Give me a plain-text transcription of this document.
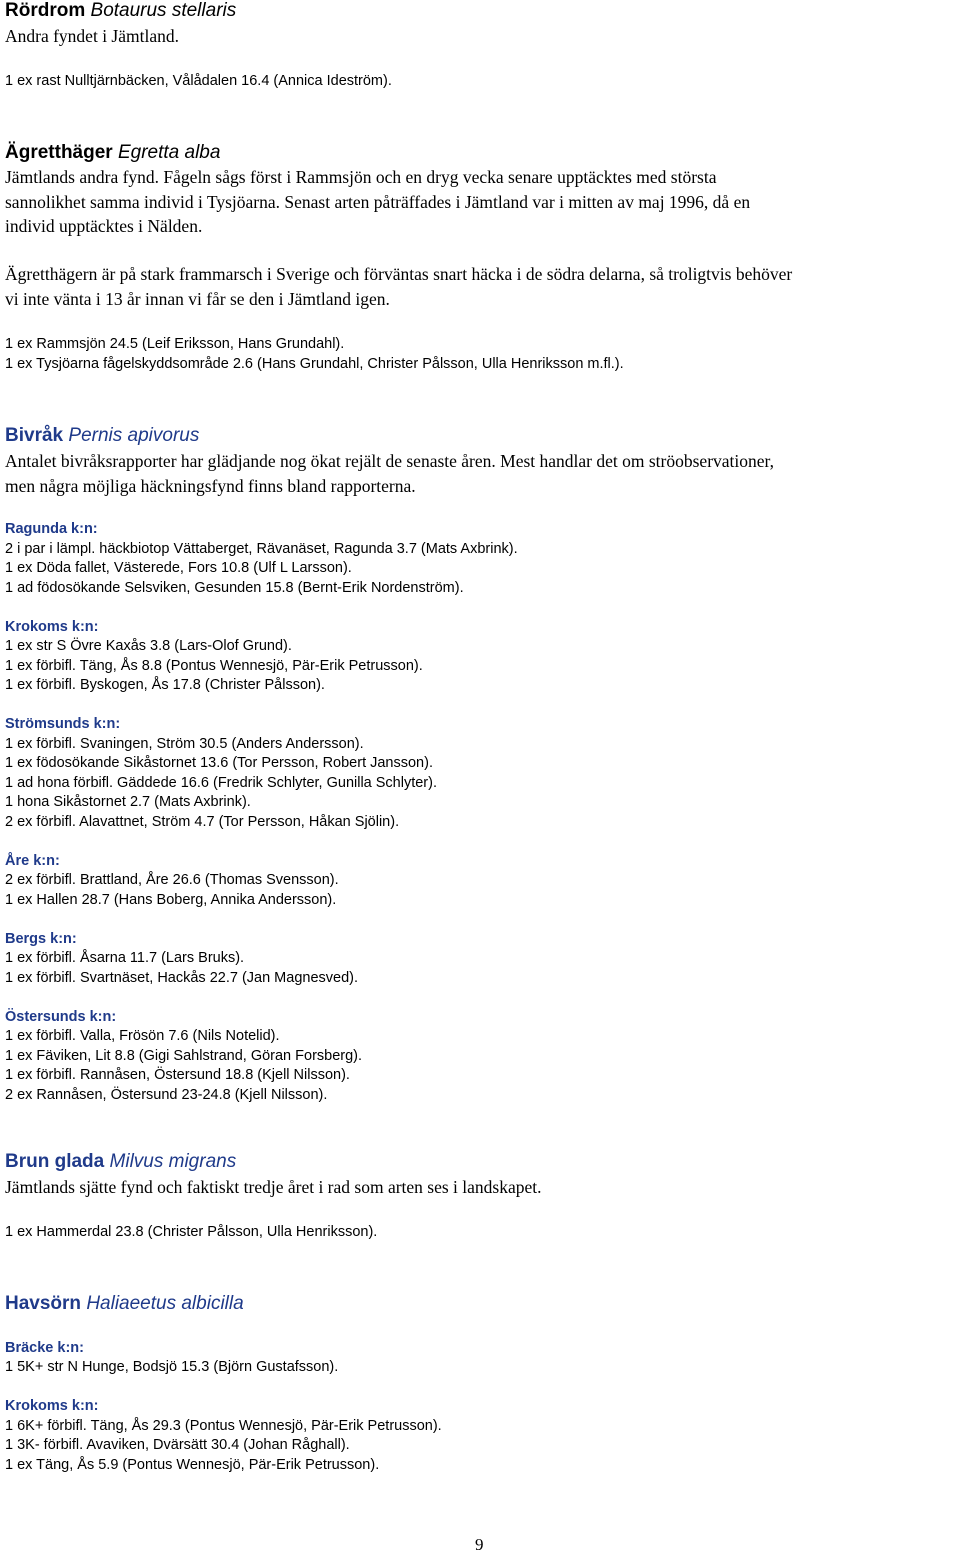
Rördrom Botaurus stellaris
Andra fyndet i Jämtland.
1 ex rast Nulltjärnbäcken, Vålådalen 16.4 (Annica Ideström).
Ägretthäger Egretta alba
Jämtlands andra fynd. Fågeln sågs först i Rammsjön och en dryg vecka senare upptäcktes med största
sannolikhet samma individ i Tysjöarna. Senast arten påträffades i Jämtland var i mitten av maj 1996, då en
individ upptäcktes i Nälden.
Ägretthägern är på stark frammarsch i Sverige och förväntas snart häcka i de södra delarna, så troligtvis behöver
vi inte vänta i 13 år innan vi får se den i Jämtland igen.
1 ex Rammsjön 24.5 (Leif Eriksson, Hans Grundahl).
1 ex Tysjöarna fågelskyddsområde 2.6 (Hans Grundahl, Christer Pålsson, Ulla Henriksson m.fl.).
Bivråk Pernis apivorus
Antalet bivråksrapporter har glädjande nog ökat rejält de senaste åren. Mest handlar det om ströobservationer,
men några möjliga häckningsfynd finns bland rapporterna.
Ragunda k:n:
2 i par i lämpl. häckbiotop Vättaberget, Rävanäset, Ragunda 3.7 (Mats Axbrink).
1 ex Döda fallet, Västerede, Fors 10.8 (Ulf L Larsson).
1 ad födosökande Selsviken, Gesunden 15.8 (Bernt-Erik Nordenström).
Krokoms k:n:
1 ex str S Övre Kaxås 3.8 (Lars-Olof Grund).
1 ex förbifl. Täng, Ås 8.8 (Pontus Wennesjö, Pär-Erik Petrusson).
1 ex förbifl. Byskogen, Ås 17.8 (Christer Pålsson).
Strömsunds k:n:
1 ex förbifl. Svaningen, Ström 30.5 (Anders Andersson).
1 ex födosökande Sikåstornet 13.6 (Tor Persson, Robert Jansson).
1 ad hona förbifl. Gäddede 16.6 (Fredrik Schlyter, Gunilla Schlyter).
1 hona Sikåstornet 2.7 (Mats Axbrink).
2 ex förbifl. Alavattnet, Ström 4.7 (Tor Persson, Håkan Sjölin).
Åre k:n:
2 ex förbifl. Brattland, Åre 26.6 (Thomas Svensson).
1 ex Hallen 28.7 (Hans Boberg, Annika Andersson).
Bergs k:n:
1 ex förbifl. Åsarna 11.7 (Lars Bruks).
1 ex förbifl. Svartnäset, Hackås 22.7 (Jan Magnesved).
Östersunds k:n:
1 ex förbifl. Valla, Frösön 7.6 (Nils Notelid).
1 ex Fäviken, Lit 8.8 (Gigi Sahlstrand, Göran Forsberg).
1 ex förbifl. Rannåsen, Östersund 18.8 (Kjell Nilsson).
2 ex Rannåsen, Östersund 23-24.8 (Kjell Nilsson).
Brun glada Milvus migrans
Jämtlands sjätte fynd och faktiskt tredje året i rad som arten ses i landskapet.
1 ex Hammerdal 23.8 (Christer Pålsson, Ulla Henriksson).
Havsörn Haliaeetus albicilla
Bräcke k:n:
1 5K+ str N Hunge, Bodsjö 15.3 (Björn Gustafsson).
Krokoms k:n:
1 6K+ förbifl. Täng, Ås 29.3 (Pontus Wennesjö, Pär-Erik Petrusson).
1 3K- förbifl. Avaviken, Dvärsätt 30.4 (Johan Råghall).
1 ex Täng, Ås 5.9 (Pontus Wennesjö, Pär-Erik Petrusson).
9
